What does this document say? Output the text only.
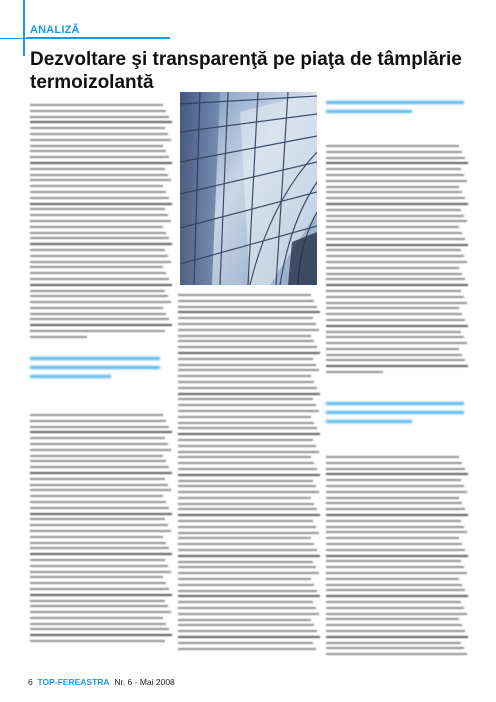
ANALIZĂ
Dezvoltare şi transparenţă pe piaţa de tâmplărie termoizolantă
6 TOP-FEREASTRA Nr. 6 - Mai 2008
